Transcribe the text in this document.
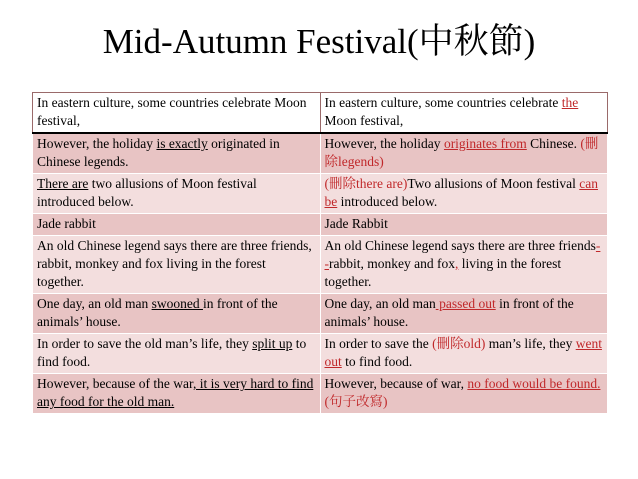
Mid-Autumn Festival(中秋節)
In eastern culture, some countries celebrate Moon festival,	In eastern culture, some countries celebrate the Moon festival,
However, the holiday is exactly originated in Chinese legends.	However, the holiday originates from Chinese. (刪除legends)
There are two allusions of Moon festival introduced below.	(刪除there are)Two allusions of Moon festival can be introduced below.
Jade rabbit	Jade Rabbit
An old Chinese legend says there are three friends, rabbit, monkey and fox living in the forest together.	An old Chinese legend says there are three friends--rabbit, monkey and fox, living in the forest together.
One day, an old man swooned in front of the animals’ house.	One day, an old man passed out in front of the animals’ house.
In order to save the old man’s life, they split up to find food.	In order to save the (刪除old) man’s life, they went out to find food.
However, because of the war, it is very hard to find any food for the old man.	However, because of war, no food would be found. (句子改寫)
